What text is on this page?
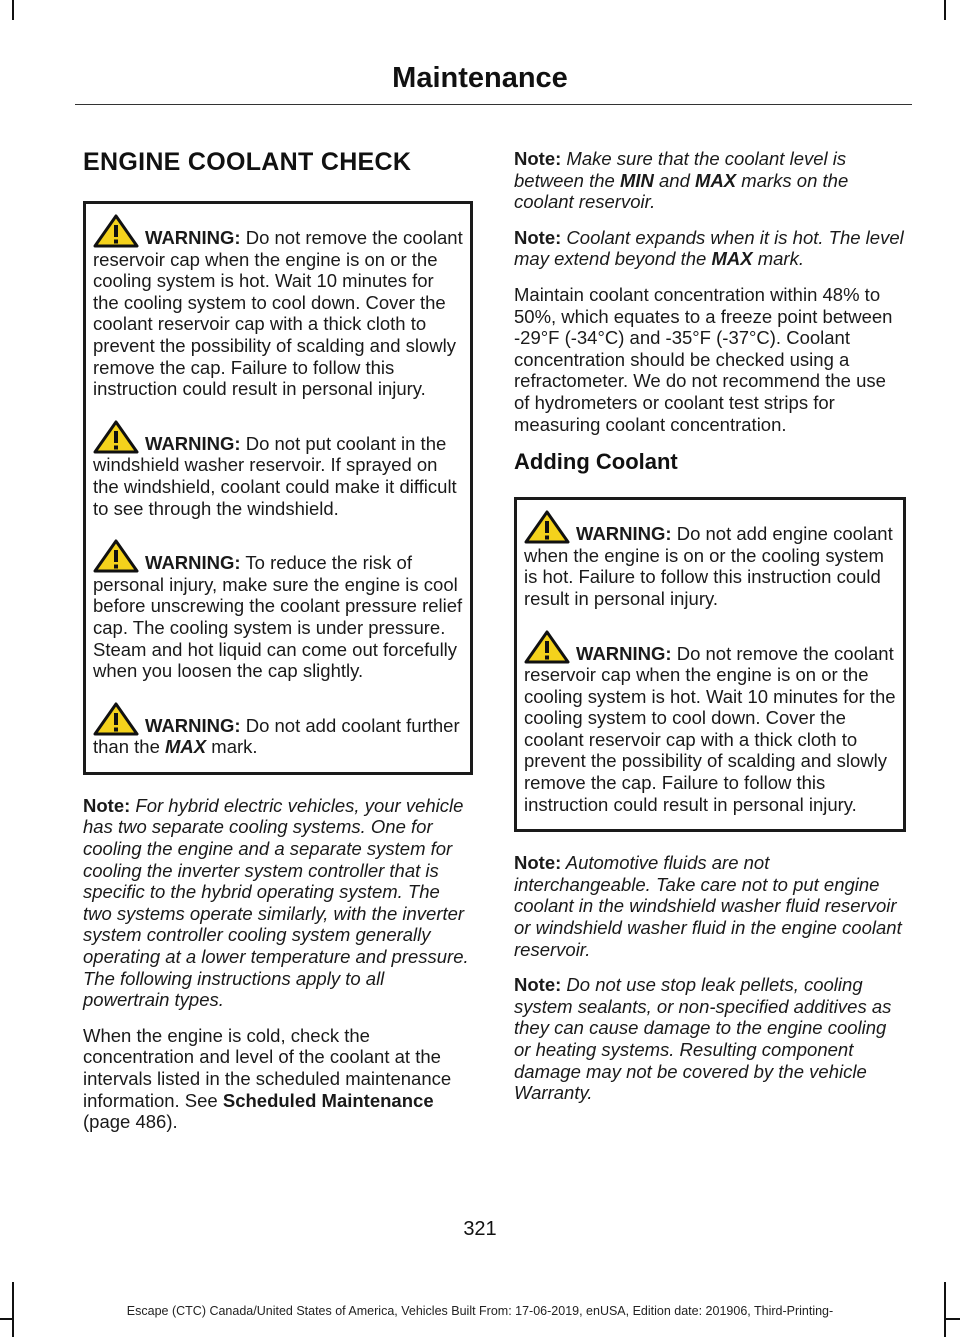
Maintenance
ENGINE COOLANT CHECK
WARNING: Do not remove the coolant reservoir cap when the engine is on or the cooling system is hot. Wait 10 minutes for the cooling system to cool down. Cover the coolant reservoir cap with a thick cloth to prevent the possibility of scalding and slowly remove the cap. Failure to follow this instruction could result in personal injury.
WARNING: Do not put coolant in the windshield washer reservoir. If sprayed on the windshield, coolant could make it difficult to see through the windshield.
WARNING: To reduce the risk of personal injury, make sure the engine is cool before unscrewing the coolant pressure relief cap. The cooling system is under pressure. Steam and hot liquid can come out forcefully when you loosen the cap slightly.
WARNING: Do not add coolant further than the MAX mark.

Note: For hybrid electric vehicles, your vehicle has two separate cooling systems. One for cooling the engine and a separate system for cooling the inverter system controller that is specific to the hybrid operating system. The two systems operate similarly, with the inverter system controller cooling system generally operating at a lower temperature and pressure. The following instructions apply to all powertrain types.

When the engine is cold, check the concentration and level of the coolant at the intervals listed in the scheduled maintenance information. See Scheduled Maintenance (page 486).

Note: Make sure that the coolant level is between the MIN and MAX marks on the coolant reservoir.

Note: Coolant expands when it is hot. The level may extend beyond the MAX mark.

Maintain coolant concentration within 48% to 50%, which equates to a freeze point between -29°F (-34°C) and -35°F (-37°C). Coolant concentration should be checked using a refractometer. We do not recommend the use of hydrometers or coolant test strips for measuring coolant concentration.

Adding Coolant
WARNING: Do not add engine coolant when the engine is on or the cooling system is hot. Failure to follow this instruction could result in personal injury.
WARNING: Do not remove the coolant reservoir cap when the engine is on or the cooling system is hot. Wait 10 minutes for the cooling system to cool down. Cover the coolant reservoir cap with a thick cloth to prevent the possibility of scalding and slowly remove the cap. Failure to follow this instruction could result in personal injury.

Note: Automotive fluids are not interchangeable. Take care not to put engine coolant in the windshield washer fluid reservoir or windshield washer fluid in the engine coolant reservoir.

Note: Do not use stop leak pellets, cooling system sealants, or non-specified additives as they can cause damage to the engine cooling or heating systems. Resulting component damage may not be covered by the vehicle Warranty.

321
Escape (CTC) Canada/United States of America, Vehicles Built From: 17-06-2019, enUSA, Edition date: 201906, Third-Printing-
